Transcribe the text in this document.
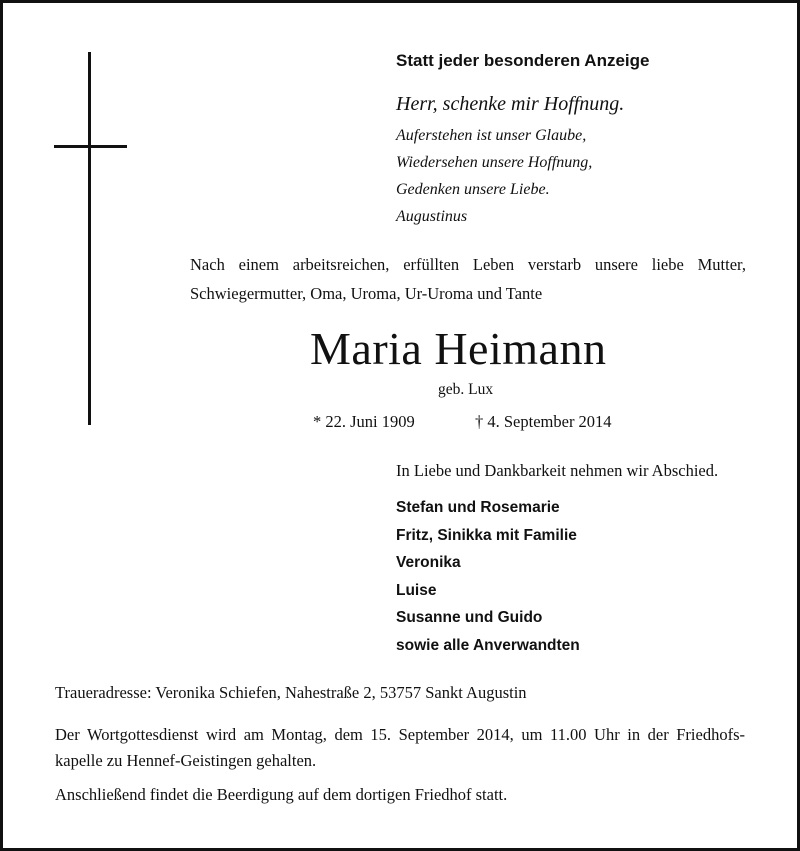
Statt jeder besonderen Anzeige
Herr, schenke mir Hoffnung.
Auferstehen ist unser Glaube,
Wiedersehen unsere Hoffnung,
Gedenken unsere Liebe.
Augustinus
Nach einem arbeitsreichen, erfüllten Leben verstarb unsere liebe Mutter,
Schwiegermutter, Oma, Uroma, Ur-Uroma und Tante
Maria Heimann
geb. Lux
* 22. Juni 1909	† 4. September 2014
In Liebe und Dankbarkeit nehmen wir Abschied.
Stefan und Rosemarie
Fritz, Sinikka mit Familie
Veronika
Luise
Susanne und Guido
sowie alle Anverwandten
Traueradresse: Veronika Schiefen, Nahestraße 2, 53757 Sankt Augustin
Der Wortgottesdienst wird am Montag, dem 15. September 2014, um 11.00 Uhr in der Friedhofs-
kapelle zu Hennef-Geistingen gehalten.
Anschließend findet die Beerdigung auf dem dortigen Friedhof statt.
